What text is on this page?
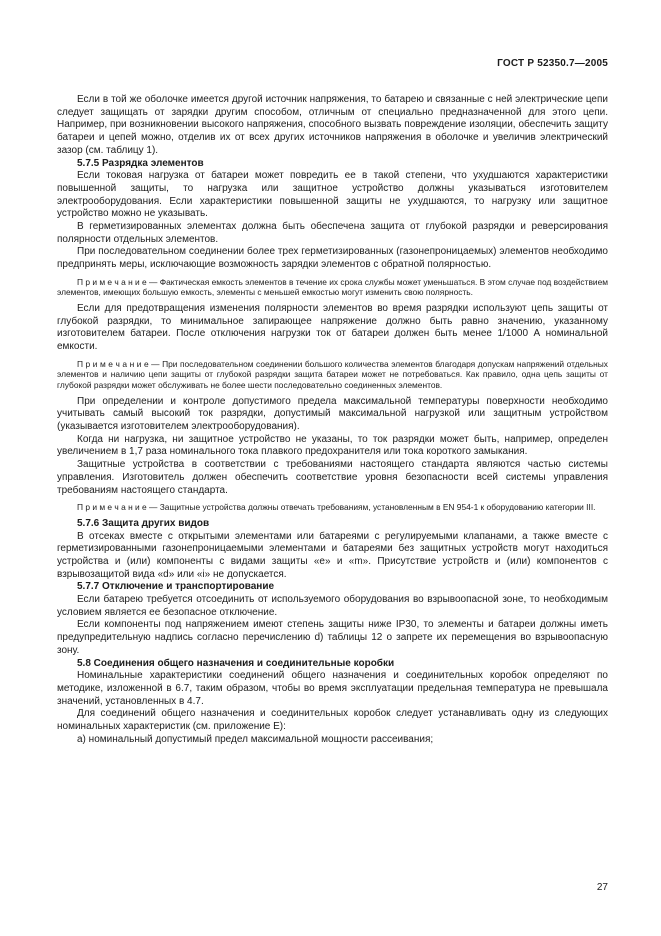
ГОСТ Р 52350.7—2005

Если в той же оболочке имеется другой источник напряжения, то батарею и связанные с ней электрические цепи следует защищать от зарядки другим способом, отличным от специально предназначенной для этого цепи. Например, при возникновении высокого напряжения, способного вызвать повреждение изоляции, обеспечить защиту батареи и цепей можно, отделив их от всех других источников напряжения в оболочке и увеличив электрический зазор (см. таблицу 1).

5.7.5 Разрядка элементов

Если токовая нагрузка от батареи может повредить ее в такой степени, что ухудшаются характеристики повышенной защиты, то нагрузка или защитное устройство должны указываться изготовителем электрооборудования. Если характеристики повышенной защиты не ухудшаются, то нагрузку или защитное устройство можно не указывать.

В герметизированных элементах должна быть обеспечена защита от глубокой разрядки и реверсирования полярности отдельных элементов.

При последовательном соединении более трех герметизированных (газонепроницаемых) элементов необходимо предпринять меры, исключающие возможность зарядки элементов с обратной полярностью.

П р и м е ч а н и е — Фактическая емкость элементов в течение их срока службы может уменьшаться. В этом случае под воздействием элементов, имеющих большую емкость, элементы с меньшей емкостью могут изменить свою полярность.

Если для предотвращения изменения полярности элементов во время разрядки используют цепь защиты от глубокой разрядки, то минимальное запирающее напряжение должно быть равно значению, указанному изготовителем батареи. После отключения нагрузки ток от батареи должен быть менее 1/1000 А номинальной емкости.

П р и м е ч а н и е — При последовательном соединении большого количества элементов благодаря допускам напряжений отдельных элементов и наличию цепи защиты от глубокой разрядки защита батареи может не потребоваться. Как правило, одна цепь защиты от глубокой разрядки может обслуживать не более шести последовательно соединенных элементов.

При определении и контроле допустимого предела максимальной температуры поверхности необходимо учитывать самый высокий ток разрядки, допустимый максимальной нагрузкой или защитным устройством (указывается изготовителем электрооборудования).

Когда ни нагрузка, ни защитное устройство не указаны, то ток разрядки может быть, например, определен увеличением в 1,7 раза номинального тока плавкого предохранителя или тока короткого замыкания.

Защитные устройства в соответствии с требованиями настоящего стандарта являются частью системы управления. Изготовитель должен обеспечить соответствие уровня безопасности всей системы управления требованиям настоящего стандарта.

П р и м е ч а н и е — Защитные устройства должны отвечать требованиям, установленным в EN 954-1 к оборудованию категории III.

5.7.6 Защита других видов

В отсеках вместе с открытыми элементами или батареями с регулируемыми клапанами, а также вместе с герметизированными газонепроницаемыми элементами и батареями без защитных устройств могут находиться устройства и (или) компоненты с видами защиты «е» и «m». Присутствие устройств и (или) компонентов с взрывозащитой вида «d» или «i» не допускается.

5.7.7 Отключение и транспортирование

Если батарею требуется отсоединить от используемого оборудования во взрывоопасной зоне, то необходимым условием является ее безопасное отключение.

Если компоненты под напряжением имеют степень защиты ниже IP30, то элементы и батареи должны иметь предупредительную надпись согласно перечислению d) таблицы 12 о запрете их перемещения во взрывоопасную зону.

5.8 Соединения общего назначения и соединительные коробки

Номинальные характеристики соединений общего назначения и соединительных коробок определяют по методике, изложенной в 6.7, таким образом, чтобы во время эксплуатации предельная температура не превышала значений, установленных в 4.7.

Для соединений общего назначения и соединительных коробок следует устанавливать одну из следующих номинальных характеристик (см. приложение Е):

а) номинальный допустимый предел максимальной мощности рассеивания;

27
